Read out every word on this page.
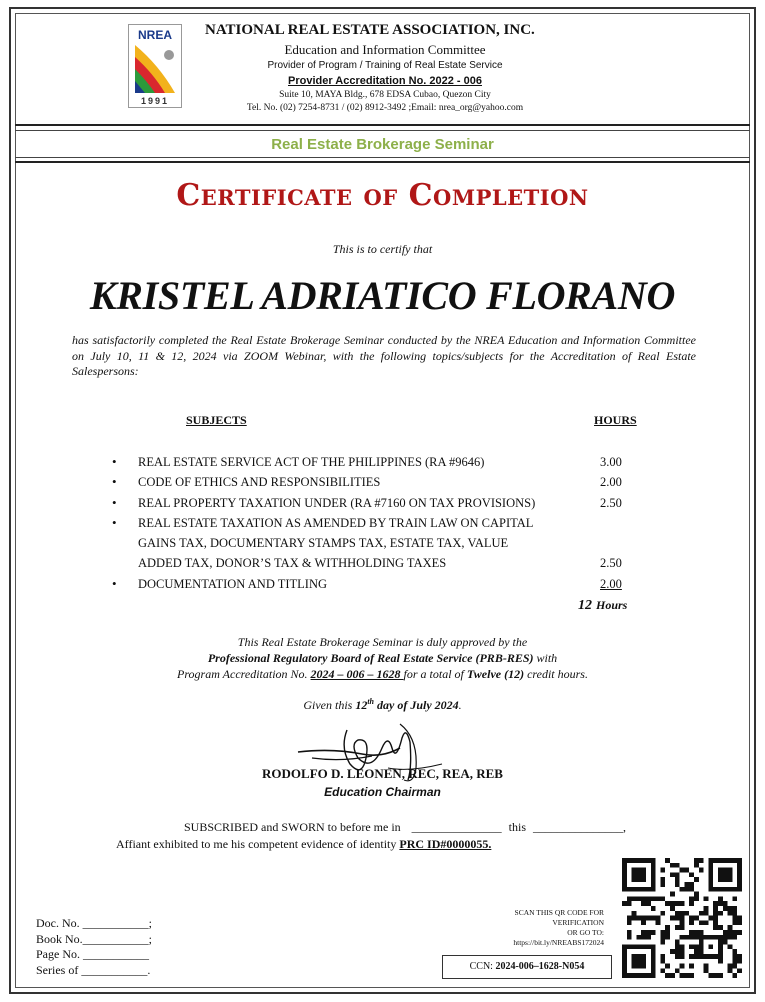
NREA
1991
NATIONAL REAL ESTATE ASSOCIATION, INC.
Education and Information Committee
Provider of Program / Training of Real Estate Service
Provider Accreditation No. 2022 - 006
Suite 10, MAYA Bldg., 678 EDSA Cubao, Quezon City
Tel. No. (02) 7254-8731 / (02) 8912-3492 ;Email: nrea_org@yahoo.com
Real Estate Brokerage Seminar
Certificate of Completion
This is to certify that
KRISTEL ADRIATICO FLORANO
has satisfactorily completed the Real Estate Brokerage Seminar conducted by the NREA Education and Information Committee on July 10, 11 & 12, 2024 via ZOOM Webinar, with the following topics/subjects for the Accreditation of Real Estate Salespersons:
SUBJECTS	HOURS
• REAL ESTATE SERVICE ACT OF THE PHILIPPINES (RA #9646)	3.00
• CODE OF ETHICS AND RESPONSIBILITIES	2.00
• REAL PROPERTY TAXATION UNDER (RA #7160 ON TAX PROVISIONS)	2.50
• REAL ESTATE TAXATION AS AMENDED BY TRAIN LAW ON CAPITAL
GAINS TAX, DOCUMENTARY STAMPS TAX, ESTATE TAX, VALUE
ADDED TAX, DONOR’S TAX & WITHHOLDING TAXES	2.50
• DOCUMENTATION AND TITLING	2.00
12 Hours
This Real Estate Brokerage Seminar is duly approved by the
Professional Regulatory Board of Real Estate Service (PRB-RES) with
Program Accreditation No. 2024 – 006 – 1628 for a total of Twelve (12) credit hours.
Given this 12th day of July 2024.
RODOLFO D. LEONEN, REC, REA, REB
Education Chairman
SUBSCRIBED and SWORN to before me in _______________ this _______________,
Affiant exhibited to me his competent evidence of identity PRC ID#0000055.
Doc. No. ___________;
Book No.___________;
Page No. ___________
Series of ___________.
SCAN THIS QR CODE FOR
VERIFICATION
OR GO TO:
https://bit.ly/NREABS172024
CCN: 2024-006–1628-N054
